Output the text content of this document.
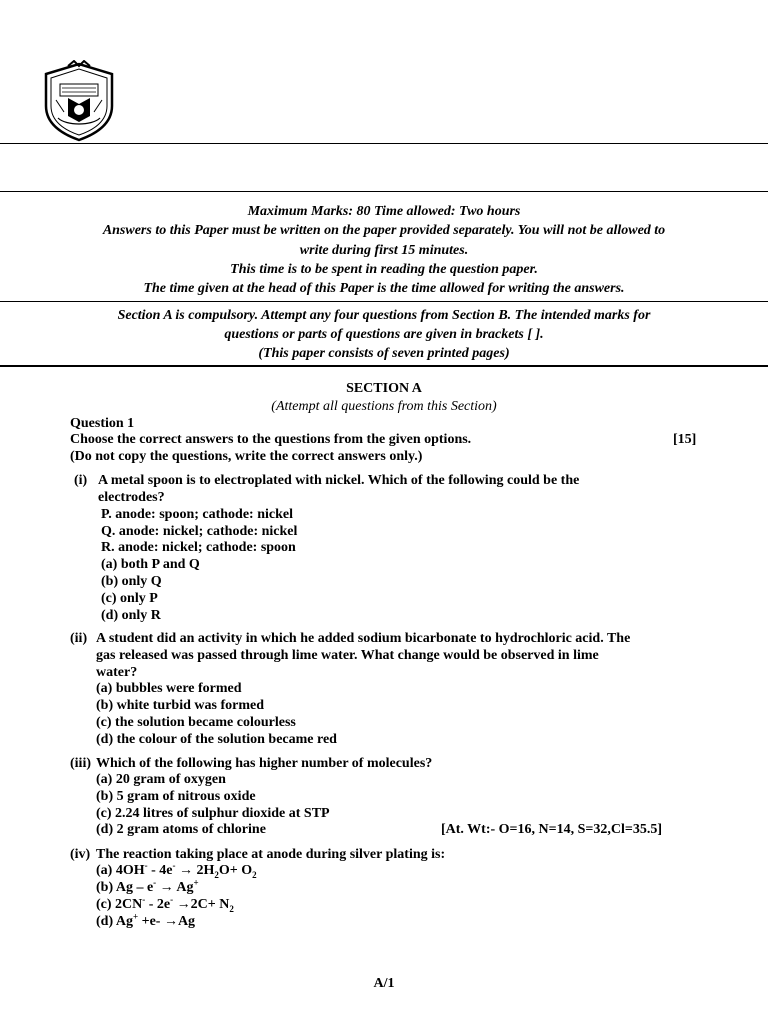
Maximum Marks: 80 Time allowed: Two hours
Answers to this Paper must be written on the paper provided separately. You will not be allowed to
write during first 15 minutes.
This time is to be spent in reading the question paper.
The time given at the head of this Paper is the time allowed for writing the answers.
Section A is compulsory. Attempt any four questions from Section B. The intended marks for
questions or parts of questions are given in brackets [ ].
(This paper consists of seven printed pages)
SECTION A
(Attempt all questions from this Section)
Question 1
Choose the correct answers to the questions from the given options.	[15]
(Do not copy the questions, write the correct answers only.)
(i) A metal spoon is to electroplated with nickel. Which of the following could be the
electrodes?
P. anode: spoon; cathode: nickel
Q. anode: nickel; cathode: nickel
R. anode: nickel; cathode: spoon
(a) both P and Q
(b) only Q
(c) only P
(d) only R
(ii) A student did an activity in which he added sodium bicarbonate to hydrochloric acid. The
gas released was passed through lime water. What change would be observed in lime
water?
(a) bubbles were formed
(b) white turbid was formed
(c) the solution became colourless
(d) the colour of the solution became red
(iii) Which of the following has higher number of molecules?
(a) 20 gram of oxygen
(b) 5 gram of nitrous oxide
(c) 2.24 litres of sulphur dioxide at STP
(d) 2 gram atoms of chlorine	[At. Wt:- O=16, N=14, S=32,Cl=35.5]
(iv) The reaction taking place at anode during silver plating is:
(a) $4OH^- - 4e^- \to 2H_2O+ O_2$
(b) Ag – e- → Ag+
(c) $2CN^- - 2e^- \to 2C+ N_2$
(d) Ag+ +e- →Ag
A/1
